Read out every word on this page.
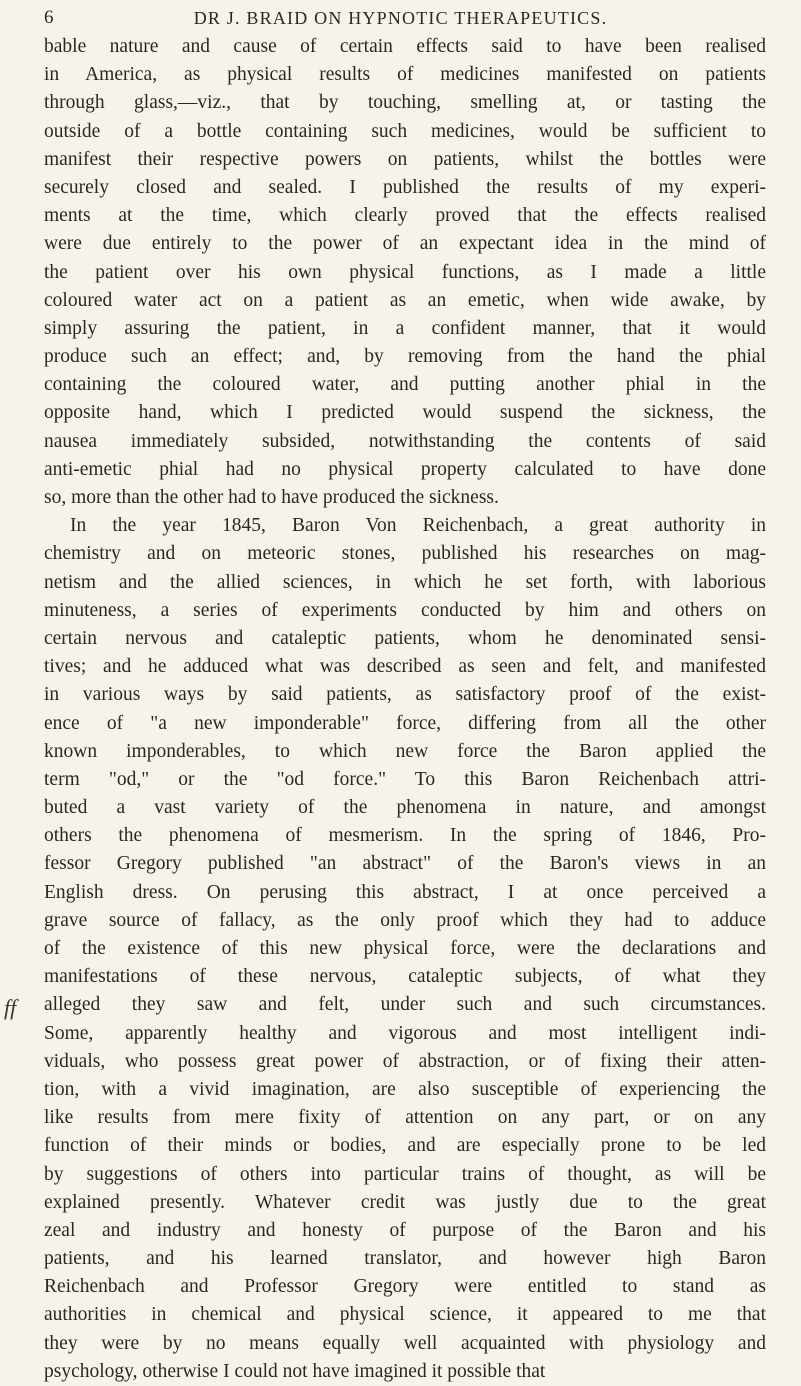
6	DR J. BRAID ON HYPNOTIC THERAPEUTICS.
ff
bable nature and cause of certain effects said to have been realised
in America, as physical results of medicines manifested on patients
through glass,—viz., that by touching, smelling at, or tasting the
outside of a bottle containing such medicines, would be sufficient to
manifest their respective powers on patients, whilst the bottles were
securely closed and sealed. I published the results of my experi-
ments at the time, which clearly proved that the effects realised
were due entirely to the power of an expectant idea in the mind of
the patient over his own physical functions, as I made a little
coloured water act on a patient as an emetic, when wide awake, by
simply assuring the patient, in a confident manner, that it would
produce such an effect; and, by removing from the hand the phial
containing the coloured water, and putting another phial in the
opposite hand, which I predicted would suspend the sickness, the
nausea immediately subsided, notwithstanding the contents of said
anti-emetic phial had no physical property calculated to have done
so, more than the other had to have produced the sickness.
In the year 1845, Baron Von Reichenbach, a great authority in
chemistry and on meteoric stones, published his researches on mag-
netism and the allied sciences, in which he set forth, with laborious
minuteness, a series of experiments conducted by him and others on
certain nervous and cataleptic patients, whom he denominated sensi-
tives; and he adduced what was described as seen and felt, and manifested
in various ways by said patients, as satisfactory proof of the exist-
ence of "a new imponderable" force, differing from all the other
known imponderables, to which new force the Baron applied the
term "od," or the "od force." To this Baron Reichenbach attri-
buted a vast variety of the phenomena in nature, and amongst
others the phenomena of mesmerism. In the spring of 1846, Pro-
fessor Gregory published "an abstract" of the Baron's views in an
English dress. On perusing this abstract, I at once perceived a
grave source of fallacy, as the only proof which they had to adduce
of the existence of this new physical force, were the declarations and
manifestations of these nervous, cataleptic subjects, of what they
alleged they saw and felt, under such and such circumstances.
Some, apparently healthy and vigorous and most intelligent indi-
viduals, who possess great power of abstraction, or of fixing their atten-
tion, with a vivid imagination, are also susceptible of experiencing the
like results from mere fixity of attention on any part, or on any
function of their minds or bodies, and are especially prone to be led
by suggestions of others into particular trains of thought, as will be
explained presently. Whatever credit was justly due to the great
zeal and industry and honesty of purpose of the Baron and his
patients, and his learned translator, and however high Baron
Reichenbach and Professor Gregory were entitled to stand as
authorities in chemical and physical science, it appeared to me that
they were by no means equally well acquainted with physiology and
psychology, otherwise I could not have imagined it possible that
